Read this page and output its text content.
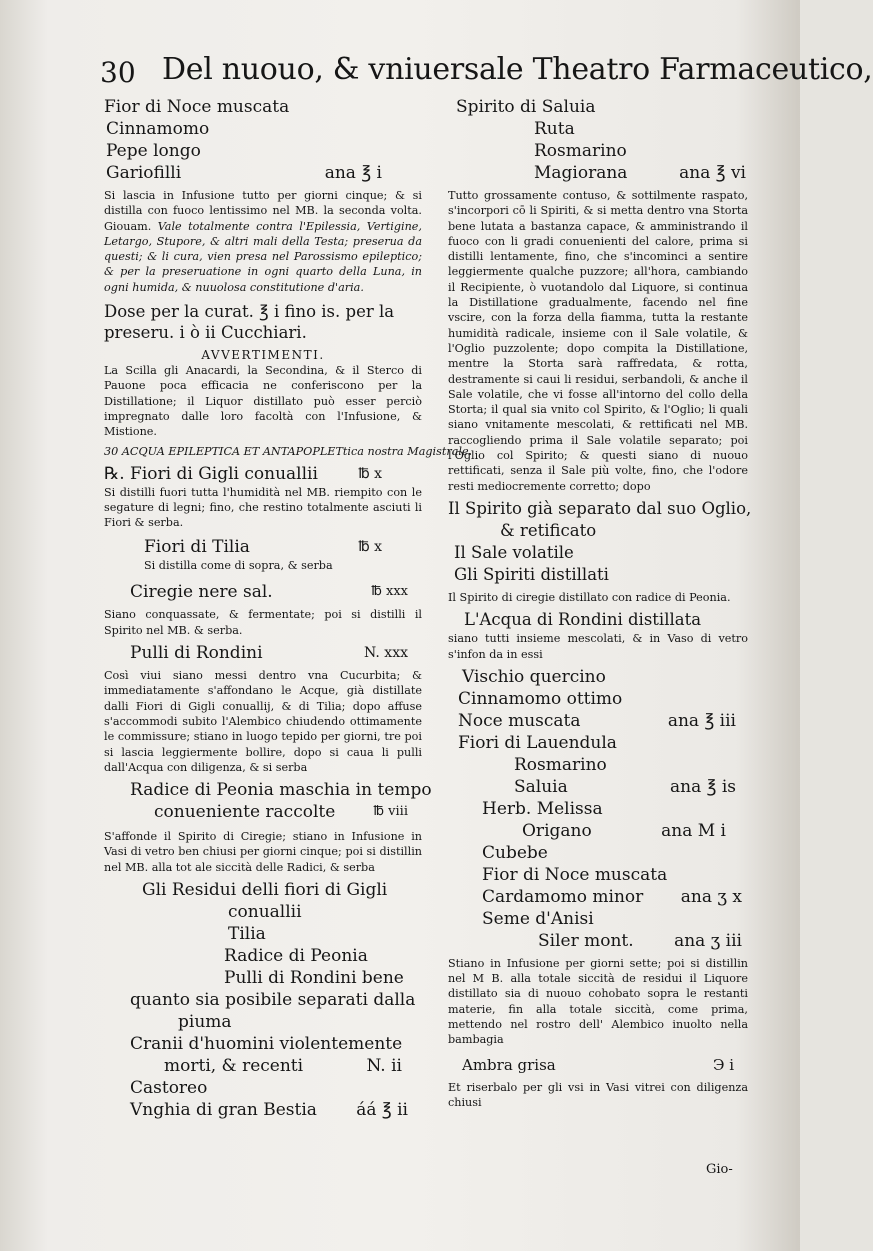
30 Del nuouo, & vniuersale Theatro Farmaceutico,
Fior di Noce muscata
Cinnamomo
Pepe longo
Gariofilli	ana ℥ i
Si lascia in Infusione tutto per giorni cinque; & si distilla con fuoco lentissimo nel MB. la seconda volta. Giouam. Vale totalmente contra l'Epilessia, Vertigine, Letargo, Stupore, & altri mali della Testa; preserua da questi; & li cura, vien presa nel Parossismo epileptico; & per la preseruatione in ogni quarto della Luna, in ogni humida, & nuuolosa constitutione d'aria.
Dose per la curat. ℥ i fino is. per la preseru. i ò ii Cucchiari.
AVVERTIMENTI.
La Scilla gli Anacardi, la Secondina, & il Sterco di Pauone poca efficacia ne conferiscono per la Distillatione; il Liquor distillato può esser perciò impregnato dalle loro facoltà con l'Infusione, & Mistione.
30 ACQUA EPILEPTICA ET ANTAPOPLETtica nostra Magistrale.
℞. Fiori di Gigli conuallii	℔ x
Si distilli fuori tutta l'humidità nel MB. riempito con le segature di legni; fino, che restino totalmente asciuti li Fiori & serba.
Fiori di Tilia	℔ x
Si distilla come di sopra, & serba
Ciregie nere sal.	℔ xxx
Siano conquassate, & fermentate; poi si distilli il Spirito nel MB. & serba.
Pulli di Rondini	N. xxx
Così viui siano messi dentro vna Cucurbita; & immediatamente s'affondano le Acque, già distillate dalli Fiori di Gigli conuallij, & di Tilia; dopo affuse s'accommodi subito l'Alembico chiudendo ottimamente le commissure; stiano in luogo tepido per giorni, tre poi si lascia leggiermente bollire, dopo si caua li pulli dall'Acqua con diligenza, & si serba
Radice di Peonia maschia in tempo
conueniente raccolte	℔ viii
S'affonde il Spirito di Ciregie; stiano in Infusione in Vasi di vetro ben chiusi per giorni cinque; poi si distillin nel MB. alla tot ale siccità delle Radici, & serba
Gli Residui delli fiori di Gigli
conuallii
Tilia
Radice di Peonia
Pulli di Rondini bene
quanto sia posibile separati dalla
piuma
Cranii d'huomini violentemente
morti, & recenti	N. ii
Castoreo
Vnghia di gran Bestia áá ℥ ii
Spirito di Saluia
Ruta
Rosmarino
Magiorana	ana ℥ vi
Tutto grossamente contuso, & sottilmente raspato, s'incorpori cō li Spiriti, & si metta dentro vna Storta bene lutata a bastanza capace, & amministrando il fuoco con li gradi conuenienti del calore, prima si distilli lentamente, fino, che s'incominci a sentire leggiermente qualche puzzore; all'hora, cambiando il Recipiente, ò vuotandolo dal Liquore, si continua la Distillatione gradualmente, facendo nel fine vscire, con la forza della fiamma, tutta la restante humidità radicale, insieme con il Sale volatile, & l'Oglio puzzolente; dopo compita la Distillatione, mentre la Storta sarà raffredata, & rotta, destramente si caui li residui, serbandoli, & anche il Sale volatile, che vi fosse all'intorno del collo della Storta; il qual sia vnito col Spirito, & l'Oglio; li quali siano vnitamente mescolati, & rettificati nel MB. raccogliendo prima il Sale volatile separato; poi l'Oglio col Spirito; & questi siano di nuouo rettificati, senza il Sale più volte, fino, che l'odore resti mediocremente corretto; dopo
Il Spirito già separato dal suo Oglio,
& retificato
Il Sale volatile
Gli Spiriti distillati
Il Spirito di ciregie distillato con radice di Peonia.
L'Acqua di Rondini distillata
siano tutti insieme mescolati, & in Vaso di vetro s'infon da in essi
Vischio quercino
Cinnamomo ottimo
Noce muscata	ana ℥ iii
Fiori di Lauendula
Rosmarino
Saluia	ana ℥ is
Herb. Melissa
Origano	ana M i
Cubebe
Fior di Noce muscata
Cardamomo minor ana ʒ x
Seme d'Anisi
Siler mont. ana ʒ iii
Stiano in Infusione per giorni sette; poi si distillin nel M B. alla totale siccità de residui il Liquore distillato sia di nuouo cohobato sopra le restanti materie, fin alla totale siccità, come prima, mettendo nel rostro dell' Alembico inuolto nella bambagia
Ambra grisa	Э i
Et riserbalo per gli vsi in Vasi vitrei con diligenza chiusi
Gio-
